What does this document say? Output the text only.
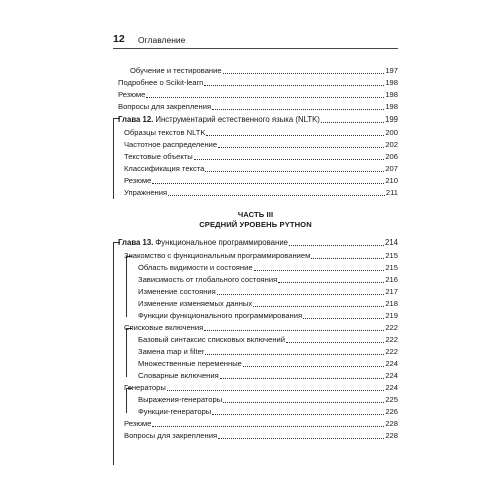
12	Оглавление
Обучение и тестирование	197
Подробнее о Scikit-learn	198
Резюме	198
Вопросы для закрепления	198
Глава 12. Инструментарий естественного языка (NLTK)	199
Образцы текстов NLTK	200
Частотное распределение	202
Текстовые объекты	206
Классификация текста	207
Резюме	210
Упражнения	211
ЧАСТЬ III
СРЕДНИЙ УРОВЕНЬ PYTHON
Глава 13. Функциональное программирование	214
Знакомство с функциональным программированием	215
Область видимости и состояние	215
Зависимость от глобального состояния	216
Изменение состояния	217
Изменение изменяемых данных	218
Функции функционального программирования	219
Списковые включения	222
Базовый синтаксис списковых включений	222
Замена map и filter	222
Множественные переменные	224
Словарные включения	224
Генераторы	224
Выражения-генераторы	225
Функции-генераторы	226
Резюме	228
Вопросы для закрепления	228
